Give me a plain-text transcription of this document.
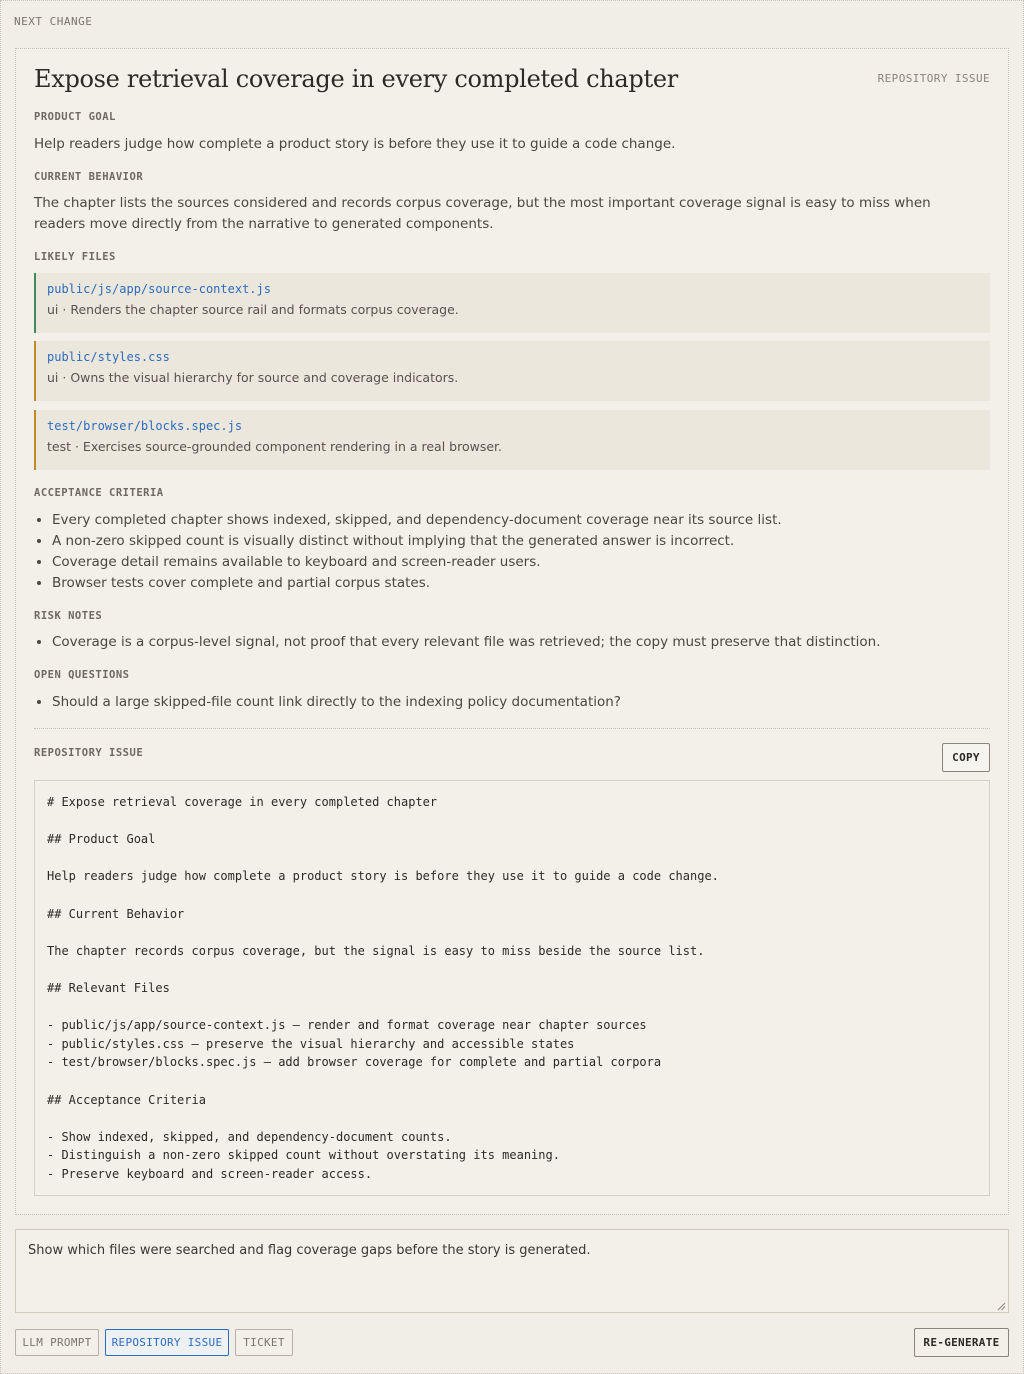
NEXT CHANGE
Expose retrieval coverage in every completed chapter	REPOSITORY ISSUE
PRODUCT GOAL
Help readers judge how complete a product story is before they use it to guide a code change.
CURRENT BEHAVIOR
The chapter lists the sources considered and records corpus coverage, but the most important coverage signal is easy to miss when readers move directly from the narrative to generated components.
LIKELY FILES
public/js/app/source-context.js
ui · Renders the chapter source rail and formats corpus coverage.
public/styles.css
ui · Owns the visual hierarchy for source and coverage indicators.
test/browser/blocks.spec.js
test · Exercises source-grounded component rendering in a real browser.
ACCEPTANCE CRITERIA
• Every completed chapter shows indexed, skipped, and dependency-document coverage near its source list.
• A non-zero skipped count is visually distinct without implying that the generated answer is incorrect.
• Coverage detail remains available to keyboard and screen-reader users.
• Browser tests cover complete and partial corpus states.
RISK NOTES
• Coverage is a corpus-level signal, not proof that every relevant file was retrieved; the copy must preserve that distinction.
OPEN QUESTIONS
• Should a large skipped-file count link directly to the indexing policy documentation?
REPOSITORY ISSUE	COPY
# Expose retrieval coverage in every completed chapter

## Product Goal

Help readers judge how complete a product story is before they use it to guide a code change.

## Current Behavior

The chapter records corpus coverage, but the signal is easy to miss beside the source list.

## Relevant Files

- public/js/app/source-context.js — render and format coverage near chapter sources
- public/styles.css — preserve the visual hierarchy and accessible states
- test/browser/blocks.spec.js — add browser coverage for complete and partial corpora

## Acceptance Criteria

- Show indexed, skipped, and dependency-document counts.
- Distinguish a non-zero skipped count without overstating its meaning.
- Preserve keyboard and screen-reader access.
Show which files were searched and flag coverage gaps before the story is generated.
LLM PROMPT	REPOSITORY ISSUE	TICKET	RE-GENERATE
